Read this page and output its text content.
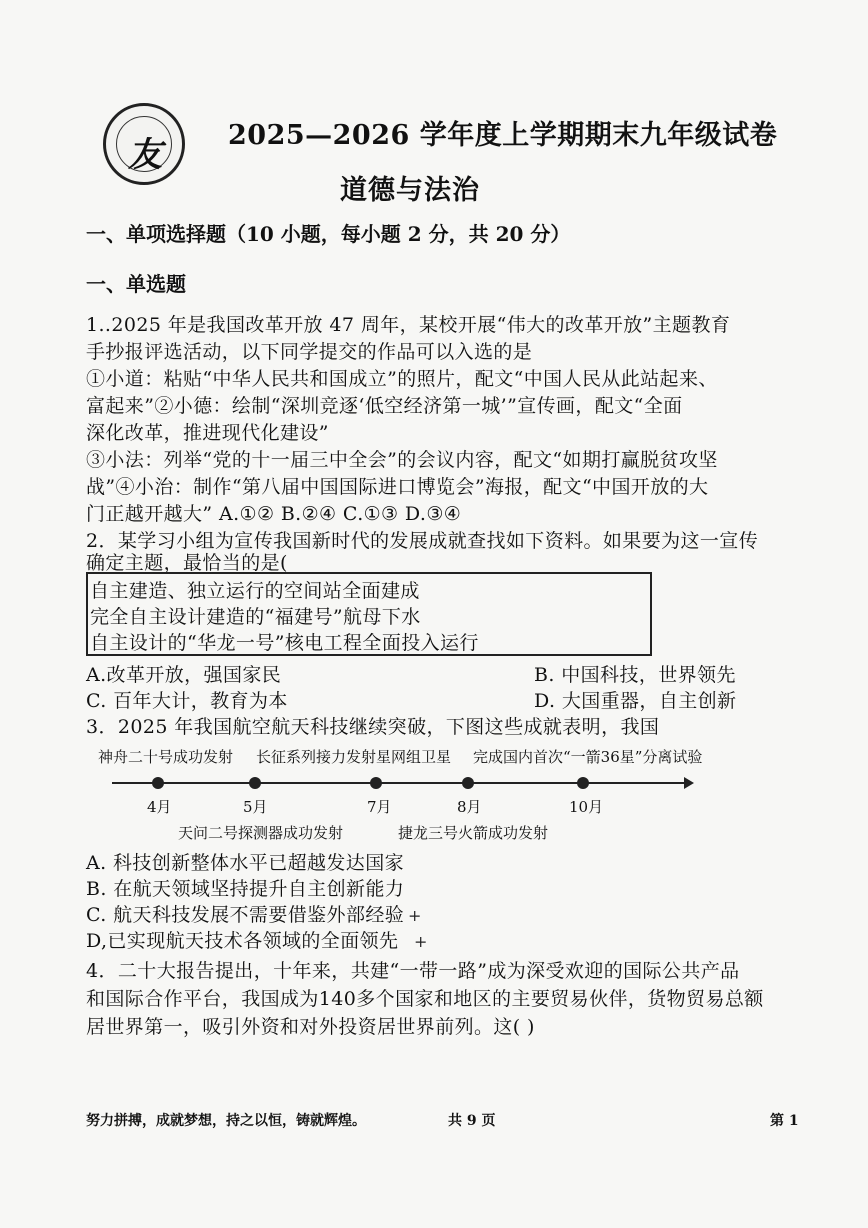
友	2025—2026 学年度上学期期末九年级试卷
道德与法治
一、单项选择题（10 小题，每小题 2 分，共 20 分）
一、单选题
1..2025 年是我国改革开放 47 周年，某校开展“伟大的改革开放”主题教育
手抄报评选活动，以下同学提交的作品可以入选的是
①小道：粘贴“中华人民共和国成立”的照片，配文“中国人民从此站起来、
富起来”②小德：绘制“深圳竞逐‘低空经济第一城’”宣传画，配文“全面
深化改革，推进现代化建设”
③小法：列举“党的十一届三中全会”的会议内容，配文“如期打赢脱贫攻坚
战”④小治：制作“第八届中国国际进口博览会”海报，配文“中国开放的大
门正越开越大” A.①② B.②④ C.①③ D.③④
2．某学习小组为宣传我国新时代的发展成就查找如下资料。如果要为这一宣传
确定主题，最恰当的是(
自主建造、独立运行的空间站全面建成
完全自主设计建造的“福建号”航母下水
自主设计的“华龙一号”核电工程全面投入运行
A.改革开放，强国家民	B. 中国科技，世界领先
C. 百年大计，教育为本	D. 大国重器，自主创新
3．2025 年我国航空航天科技继续突破，下图这些成就表明，我国
神舟二十号成功发射 长征系列接力发射星网组卫星 完成国内首次“一箭36星”分离试验
4月	5月	7月	8月	10月
天问二号探测器成功发射	捷龙三号火箭成功发射
A. 科技创新整体水平已超越发达国家
B. 在航天领域坚持提升自主创新能力
C. 航天科技发展不需要借鉴外部经验 +
D,已实现航天技术各领域的全面领先 +
4．二十大报告提出，十年来，共建“一带一路”成为深受欢迎的国际公共产品
和国际合作平台，我国成为140多个国家和地区的主要贸易伙伴，货物贸易总额
居世界第一，吸引外资和对外投资居世界前列。这( )
努力拼搏，成就梦想，持之以恒，铸就辉煌。	共 9 页	第 1
